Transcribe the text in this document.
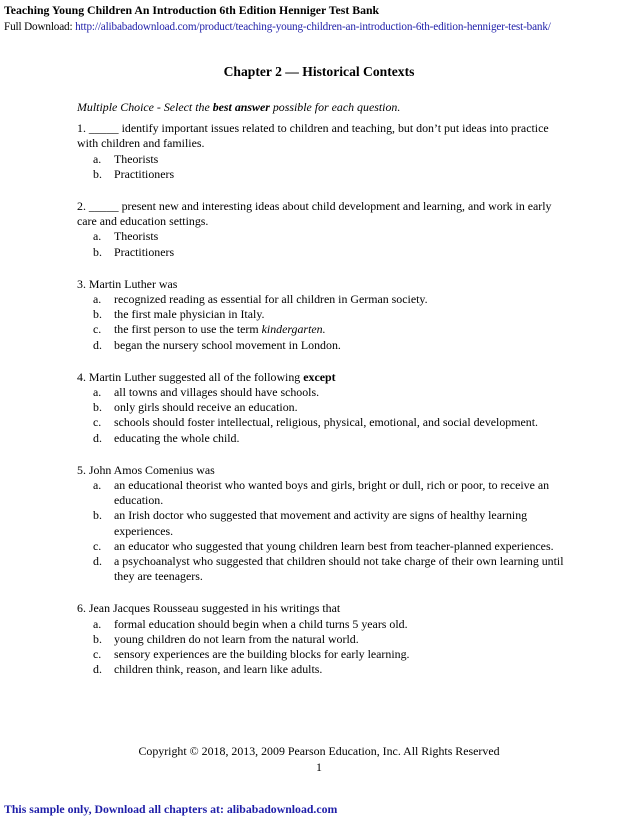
Teaching Young Children An Introduction 6th Edition Henniger Test Bank
Full Download: http://alibabadownload.com/product/teaching-young-children-an-introduction-6th-edition-henniger-test-bank/
Chapter 2 — Historical Contexts
Multiple Choice - Select the best answer possible for each question.
1. _____ identify important issues related to children and teaching, but don’t put ideas into practice with children and families.
a.	Theorists
b.	Practitioners
2. _____ present new and interesting ideas about child development and learning, and work in early care and education settings.
a.	Theorists
b.	Practitioners
3. Martin Luther was
a.	recognized reading as essential for all children in German society.
b.	the first male physician in Italy.
c.	the first person to use the term kindergarten.
d.	began the nursery school movement in London.
4. Martin Luther suggested all of the following except
a.	all towns and villages should have schools.
b.	only girls should receive an education.
c.	schools should foster intellectual, religious, physical, emotional, and social development.
d.	educating the whole child.
5. John Amos Comenius was
a.	an educational theorist who wanted boys and girls, bright or dull, rich or poor, to receive an education.
b.	an Irish doctor who suggested that movement and activity are signs of healthy learning experiences.
c.	an educator who suggested that young children learn best from teacher-planned experiences.
d.	a psychoanalyst who suggested that children should not take charge of their own learning until they are teenagers.
6. Jean Jacques Rousseau suggested in his writings that
a.	formal education should begin when a child turns 5 years old.
b.	young children do not learn from the natural world.
c.	sensory experiences are the building blocks for early learning.
d.	children think, reason, and learn like adults.
Copyright © 2018, 2013, 2009 Pearson Education, Inc. All Rights Reserved
1
This sample only, Download all chapters at: alibabadownload.com
